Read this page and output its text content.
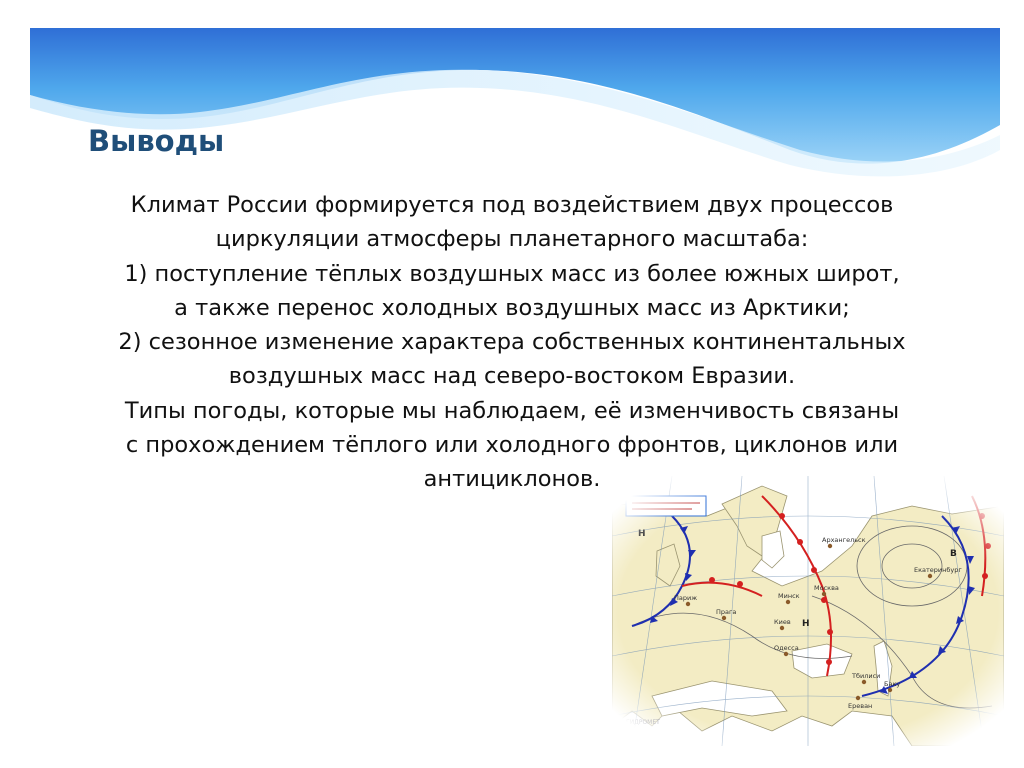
Выводы
Климат России формируется под воздействием двух процессов
циркуляции атмосферы планетарного масштаба:
1) поступление тёплых воздушных масс из более южных широт,
а также перенос холодных воздушных масс из Арктики;
2) сезонное изменение характера собственных континентальных
воздушных масс над северо-востоком Евразии.
Типы погоды, которые мы наблюдаем, её изменчивость связаны
с прохождением тёплого или холодного фронтов, циклонов или
антициклонов.
